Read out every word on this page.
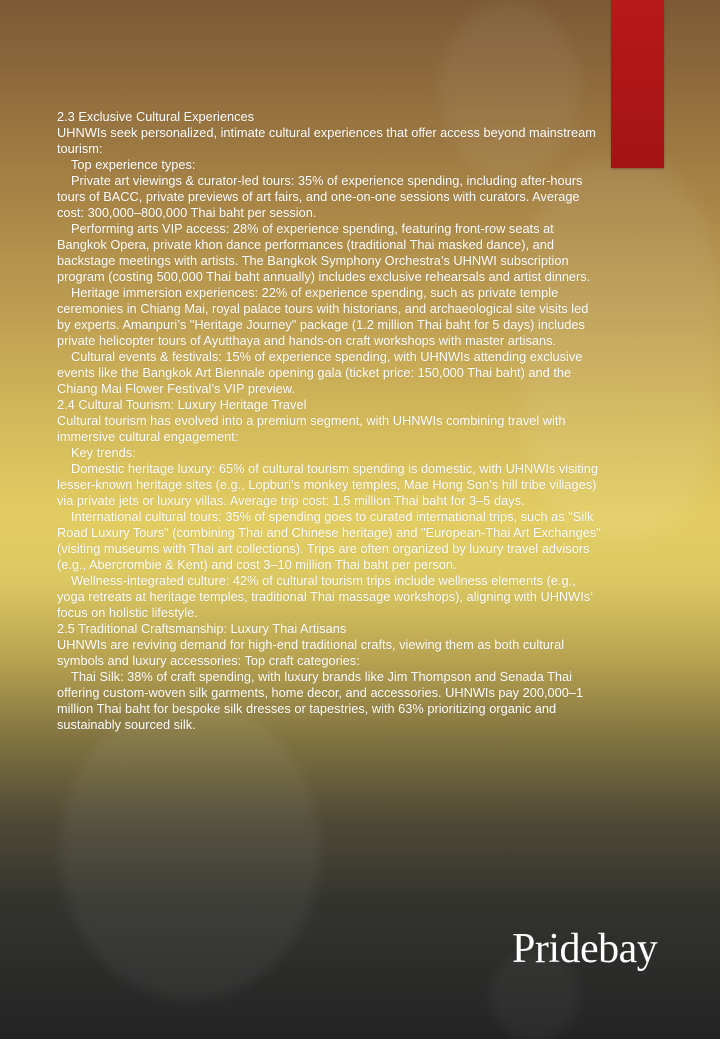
2.3 Exclusive Cultural Experiences

UHNWIs seek personalized, intimate cultural experiences that offer access beyond mainstream tourism:

Top experience types:

Private art viewings & curator-led tours: 35% of experience spending, including after-hours tours of BACC, private previews of art fairs, and one-on-one sessions with curators. Average cost: 300,000–800,000 Thai baht per session.

Performing arts VIP access: 28% of experience spending, featuring front-row seats at Bangkok Opera, private khon dance performances (traditional Thai masked dance), and backstage meetings with artists. The Bangkok Symphony Orchestra’s UHNWI subscription program (costing 500,000 Thai baht annually) includes exclusive rehearsals and artist dinners.

Heritage immersion experiences: 22% of experience spending, such as private temple ceremonies in Chiang Mai, royal palace tours with historians, and archaeological site visits led by experts. Amanpuri’s "Heritage Journey" package (1.2 million Thai baht for 5 days) includes private helicopter tours of Ayutthaya and hands-on craft workshops with master artisans.

Cultural events & festivals: 15% of experience spending, with UHNWIs attending exclusive events like the Bangkok Art Biennale opening gala (ticket price: 150,000 Thai baht) and the Chiang Mai Flower Festival’s VIP preview.

2.4 Cultural Tourism: Luxury Heritage Travel

Cultural tourism has evolved into a premium segment, with UHNWIs combining travel with immersive cultural engagement:

Key trends:

Domestic heritage luxury: 65% of cultural tourism spending is domestic, with UHNWIs visiting lesser-known heritage sites (e.g., Lopburi’s monkey temples, Mae Hong Son’s hill tribe villages) via private jets or luxury villas. Average trip cost: 1.5 million Thai baht for 3–5 days.

International cultural tours: 35% of spending goes to curated international trips, such as "Silk Road Luxury Tours" (combining Thai and Chinese heritage) and "European-Thai Art Exchanges" (visiting museums with Thai art collections). Trips are often organized by luxury travel advisors (e.g., Abercrombie & Kent) and cost 3–10 million Thai baht per person.

Wellness-integrated culture: 42% of cultural tourism trips include wellness elements (e.g., yoga retreats at heritage temples, traditional Thai massage workshops), aligning with UHNWIs’ focus on holistic lifestyle.

2.5 Traditional Craftsmanship: Luxury Thai Artisans

UHNWIs are reviving demand for high-end traditional crafts, viewing them as both cultural symbols and luxury accessories: Top craft categories:

Thai Silk: 38% of craft spending, with luxury brands like Jim Thompson and Senada Thai offering custom-woven silk garments, home decor, and accessories. UHNWIs pay 200,000–1 million Thai baht for bespoke silk dresses or tapestries, with 63% prioritizing organic and sustainably sourced silk.

Pridebay
